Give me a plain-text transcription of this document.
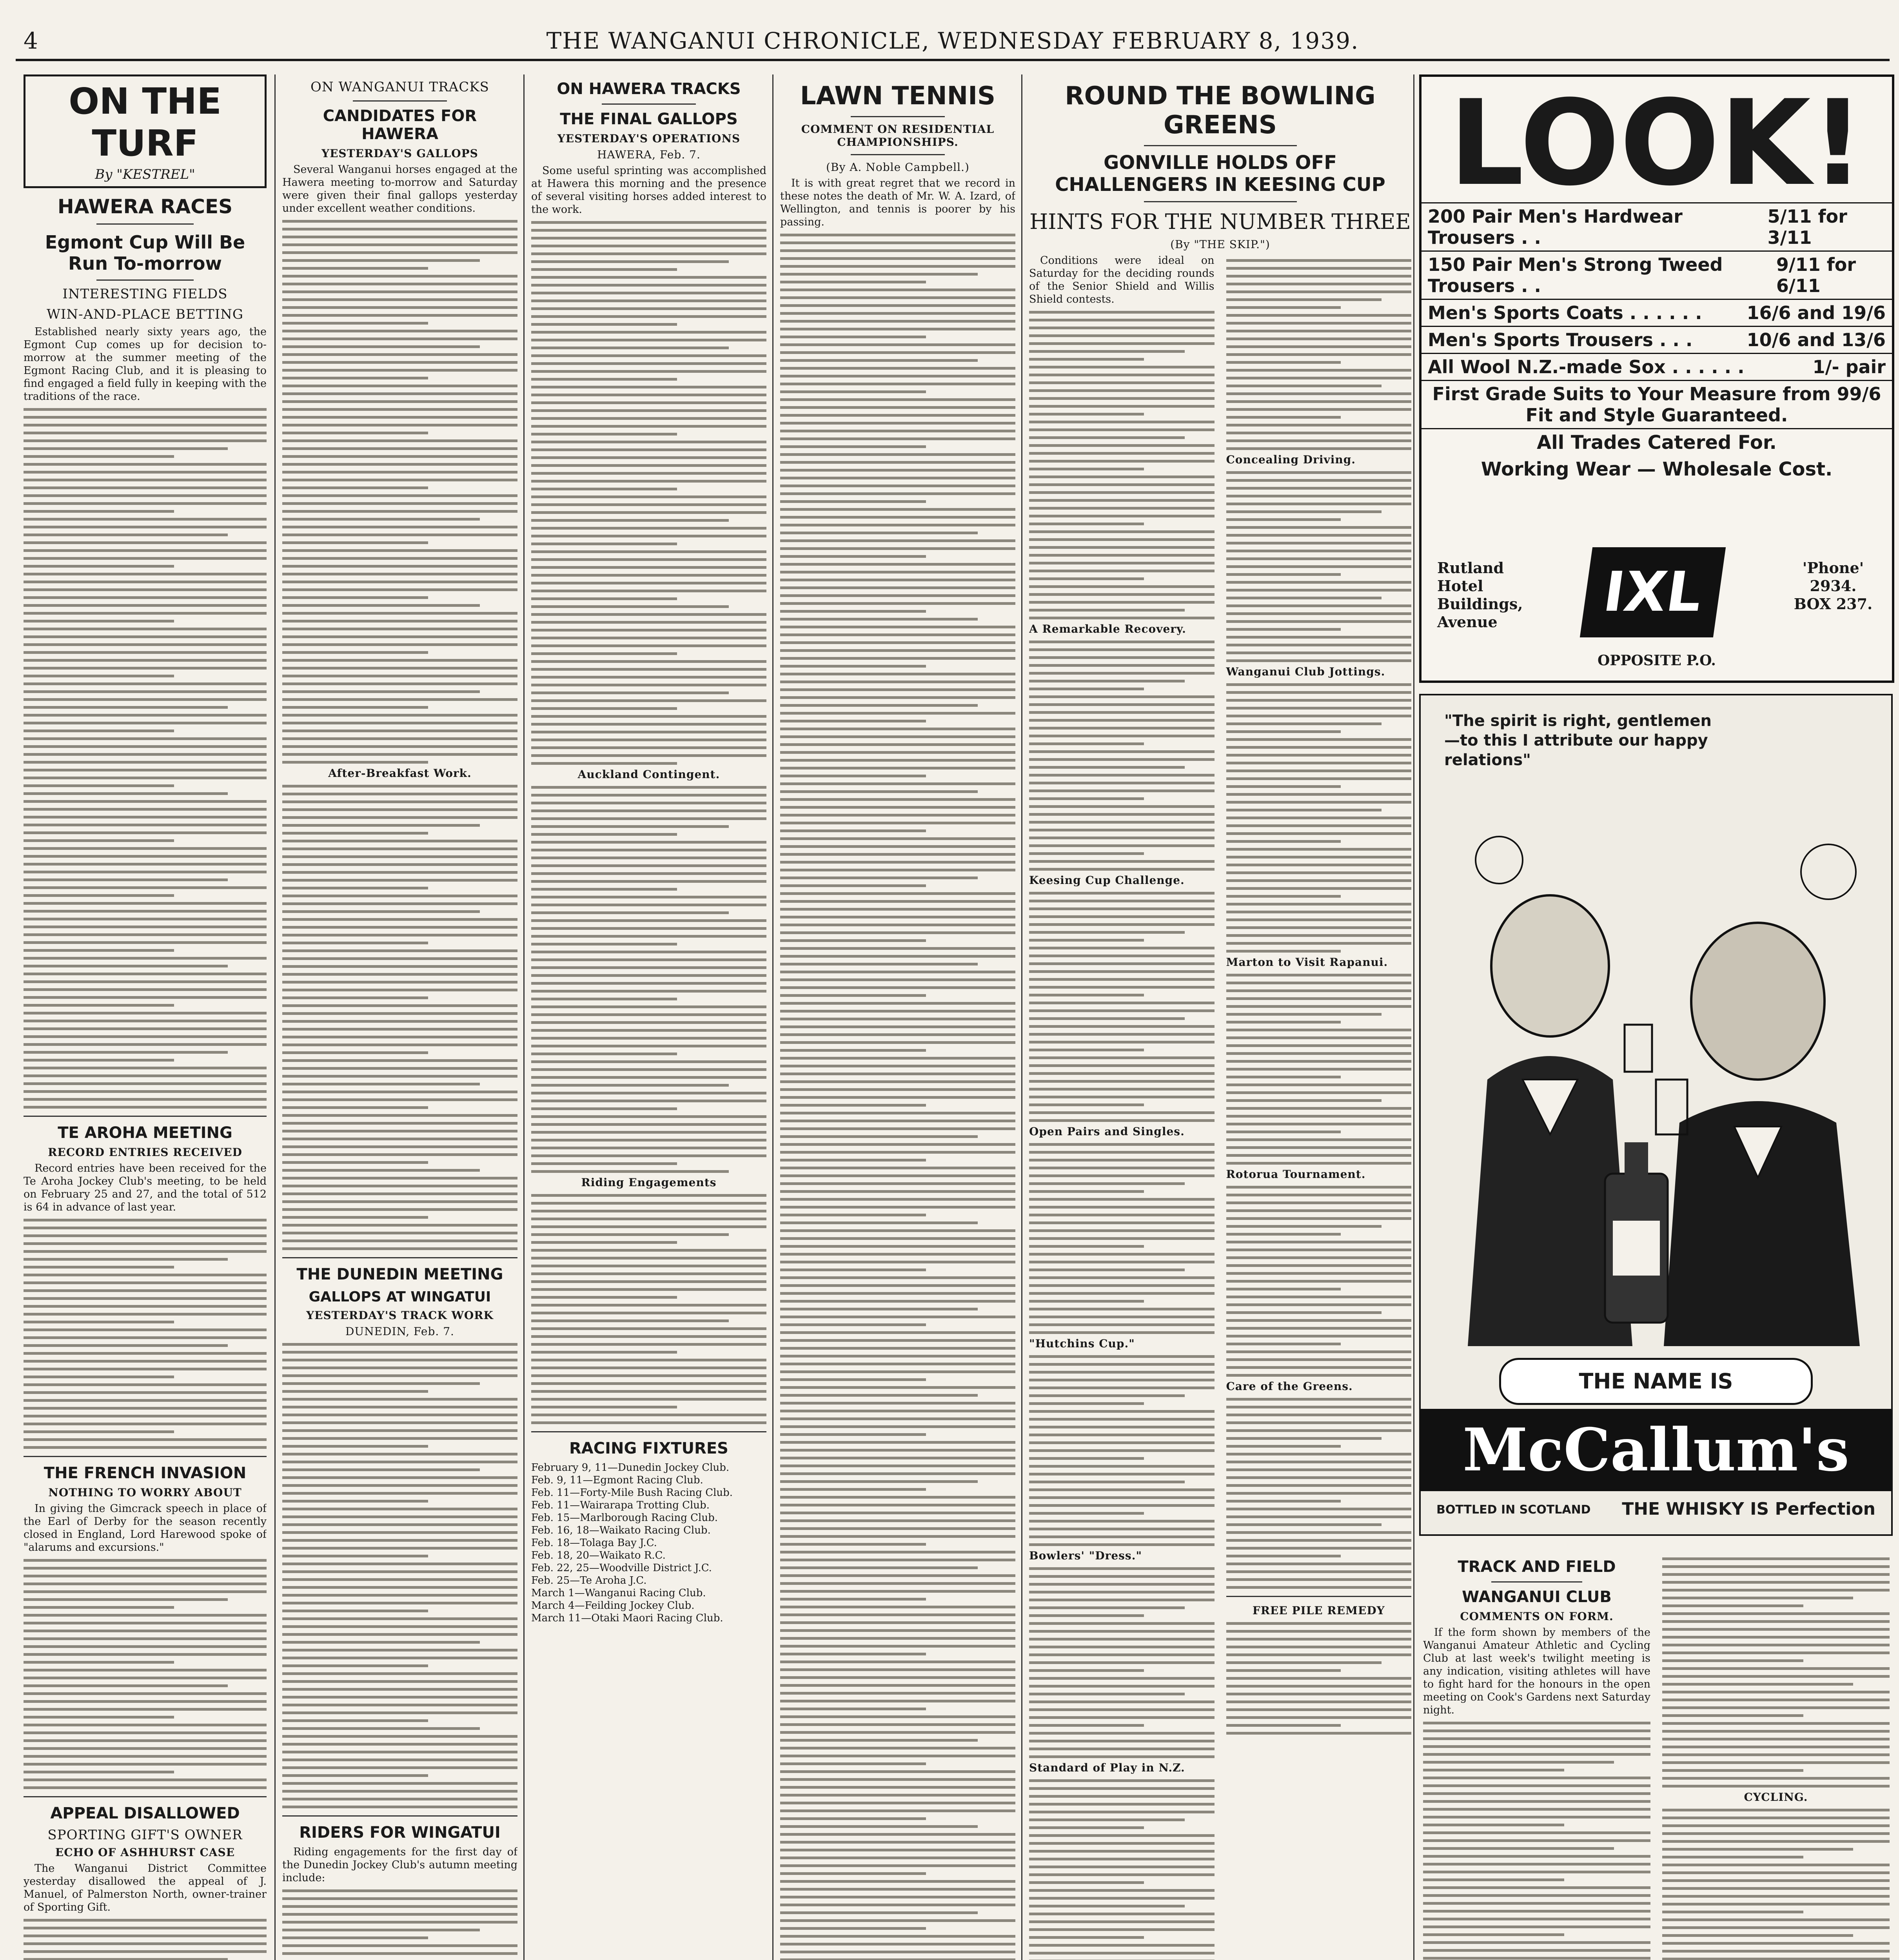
4	THE WANGANUI CHRONICLE, WEDNESDAY FEBRUARY 8, 1939.
ON THE TURF
By "KESTREL"
HAWERA RACES
Egmont Cup Will Be Run To-morrow
INTERESTING FIELDS
WIN-AND-PLACE BETTING

Established nearly sixty years ago, the Egmont Cup comes up for decision to-morrow at the summer meeting of the Egmont Racing Club, and it is pleasing to find engaged a field fully in keeping with the traditions of the race.

TE AROHA MEETING
RECORD ENTRIES RECEIVED

Record entries have been received for the Te Aroha Jockey Club's meeting, to be held on February 25 and 27, and the total of 512 is 64 in advance of last year.

THE FRENCH INVASION
NOTHING TO WORRY ABOUT

In giving the Gimcrack speech in place of the Earl of Derby for the season recently closed in England, Lord Harewood spoke of "alarums and excursions."

APPEAL DISALLOWED
SPORTING GIFT'S OWNER
ECHO OF ASHHURST CASE

The Wanganui District Committee yesterday disallowed the appeal of J. Manuel, of Palmerston North, owner-trainer of Sporting Gift.

ON WANGANUI TRACKS
CANDIDATES FOR HAWERA
YESTERDAY'S GALLOPS

Several Wanganui horses engaged at the Hawera meeting to-morrow and Saturday were given their final gallops yesterday under excellent weather conditions.

After-Breakfast Work.
THE DUNEDIN MEETING
GALLOPS AT WINGATUI
YESTERDAY'S TRACK WORK
DUNEDIN, Feb. 7.
RIDERS FOR WINGATUI

Riding engagements for the first day of the Dunedin Jockey Club's autumn meeting include:

ON HAWERA TRACKS
THE FINAL GALLOPS
YESTERDAY'S OPERATIONS
HAWERA, Feb. 7.

Some useful sprinting was accomplished at Hawera this morning and the presence of several visiting horses added interest to the work.

Auckland Contingent.
Riding Engagements
RACING FIXTURES
February 9, 11—Dunedin Jockey Club.
Feb. 9, 11—Egmont Racing Club.
Feb. 11—Forty-Mile Bush Racing Club.
Feb. 11—Wairarapa Trotting Club.
Feb. 15—Marlborough Racing Club.
Feb. 16, 18—Waikato Racing Club.
Feb. 18—Tolaga Bay J.C.
Feb. 18, 20—Waikato R.C.
Feb. 22, 25—Woodville District J.C.
Feb. 25—Te Aroha J.C.
March 1—Wanganui Racing Club.
March 4—Feilding Jockey Club.
March 11—Otaki Maori Racing Club.
LAWN TENNIS
COMMENT ON RESIDENTIAL CHAMPIONSHIPS.
(By A. Noble Campbell.)

It is with great regret that we record in these notes the death of Mr. W. A. Izard, of Wellington, and tennis is poorer by his passing.

ROUND THE BOWLING GREENS
GONVILLE HOLDS OFF CHALLENGERS IN KEESING CUP
HINTS FOR THE NUMBER THREE
(By "THE SKIP.")

Conditions were ideal on Saturday for the deciding rounds of the Senior Shield and Willis Shield contests.

A Remarkable Recovery.
Keesing Cup Challenge.
Open Pairs and Singles.
"Hutchins Cup."
Bowlers' "Dress."
Standard of Play in N.Z.
Concealing Driving.
Wanganui Club Jottings.
Marton to Visit Rapanui.
Rotorua Tournament.
Care of the Greens.
FREE PILE REMEDY
LOOK!
200 Pair Men's Hardwear Trousers . .
5/11 for 3/11
150 Pair Men's Strong Tweed Trousers . .
9/11 for 6/11
Men's Sports Coats . . . . . . 16/6 and 19/6
Men's Sports Trousers . . .	10/6 and 13/6
All Wool N.Z.-made Sox . . . . . .	1/- pair
First Grade Suits to Your Measure from 99/6 Fit and Style Guaranteed.
All Trades Catered For.
Working Wear — Wholesale Cost.
Rutland Hotel Buildings, Avenue	IXL	'Phone' 2934. BOX 237.
OPPOSITE P.O.
"The spirit is right, gentlemen—to this I attribute our happy relations"
THE NAME IS
McCallum's
BOTTLED IN SCOTLAND THE WHISKY IS Perfection
TRACK AND FIELD
WANGANUI CLUB
COMMENTS ON FORM.

If the form shown by members of the Wanganui Amateur Athletic and Cycling Club at last week's twilight meeting is any indication, visiting athletes will have to fight hard for the honours in the open meeting on Cook's Gardens next Saturday night.

CYCLING.
